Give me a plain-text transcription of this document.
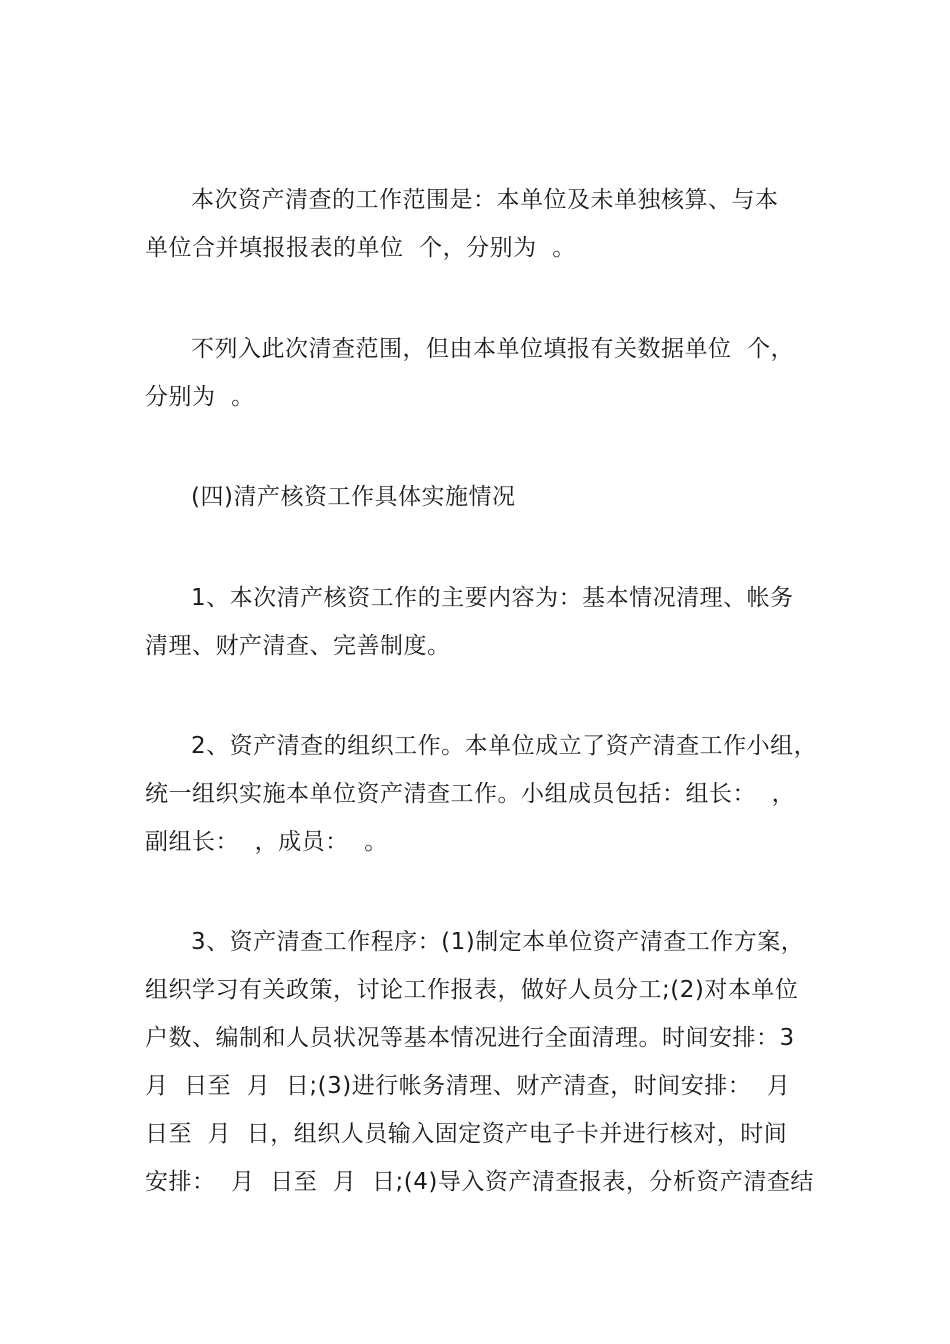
本次资产清查的工作范围是：本单位及未单独核算、与本
单位合并填报报表的单位  个，分别为  。
不列入此次清查范围，但由本单位填报有关数据单位  个，
分别为  。
(四)清产核资工作具体实施情况
1、本次清产核资工作的主要内容为：基本情况清理、帐务
清理、财产清查、完善制度。
2、资产清查的组织工作。本单位成立了资产清查工作小组，
统一组织实施本单位资产清查工作。小组成员包括：组长：  ，
副组长：  ，成员：  。
3、资产清查工作程序：(1)制定本单位资产清查工作方案，
组织学习有关政策，讨论工作报表，做好人员分工;(2)对本单位
户数、编制和人员状况等基本情况进行全面清理。时间安排：3
月  日至  月  日;(3)进行帐务清理、财产清查，时间安排：  月
日至  月  日，组织人员输入固定资产电子卡并进行核对，时间
安排：  月  日至  月  日;(4)导入资产清查报表，分析资产清查结
